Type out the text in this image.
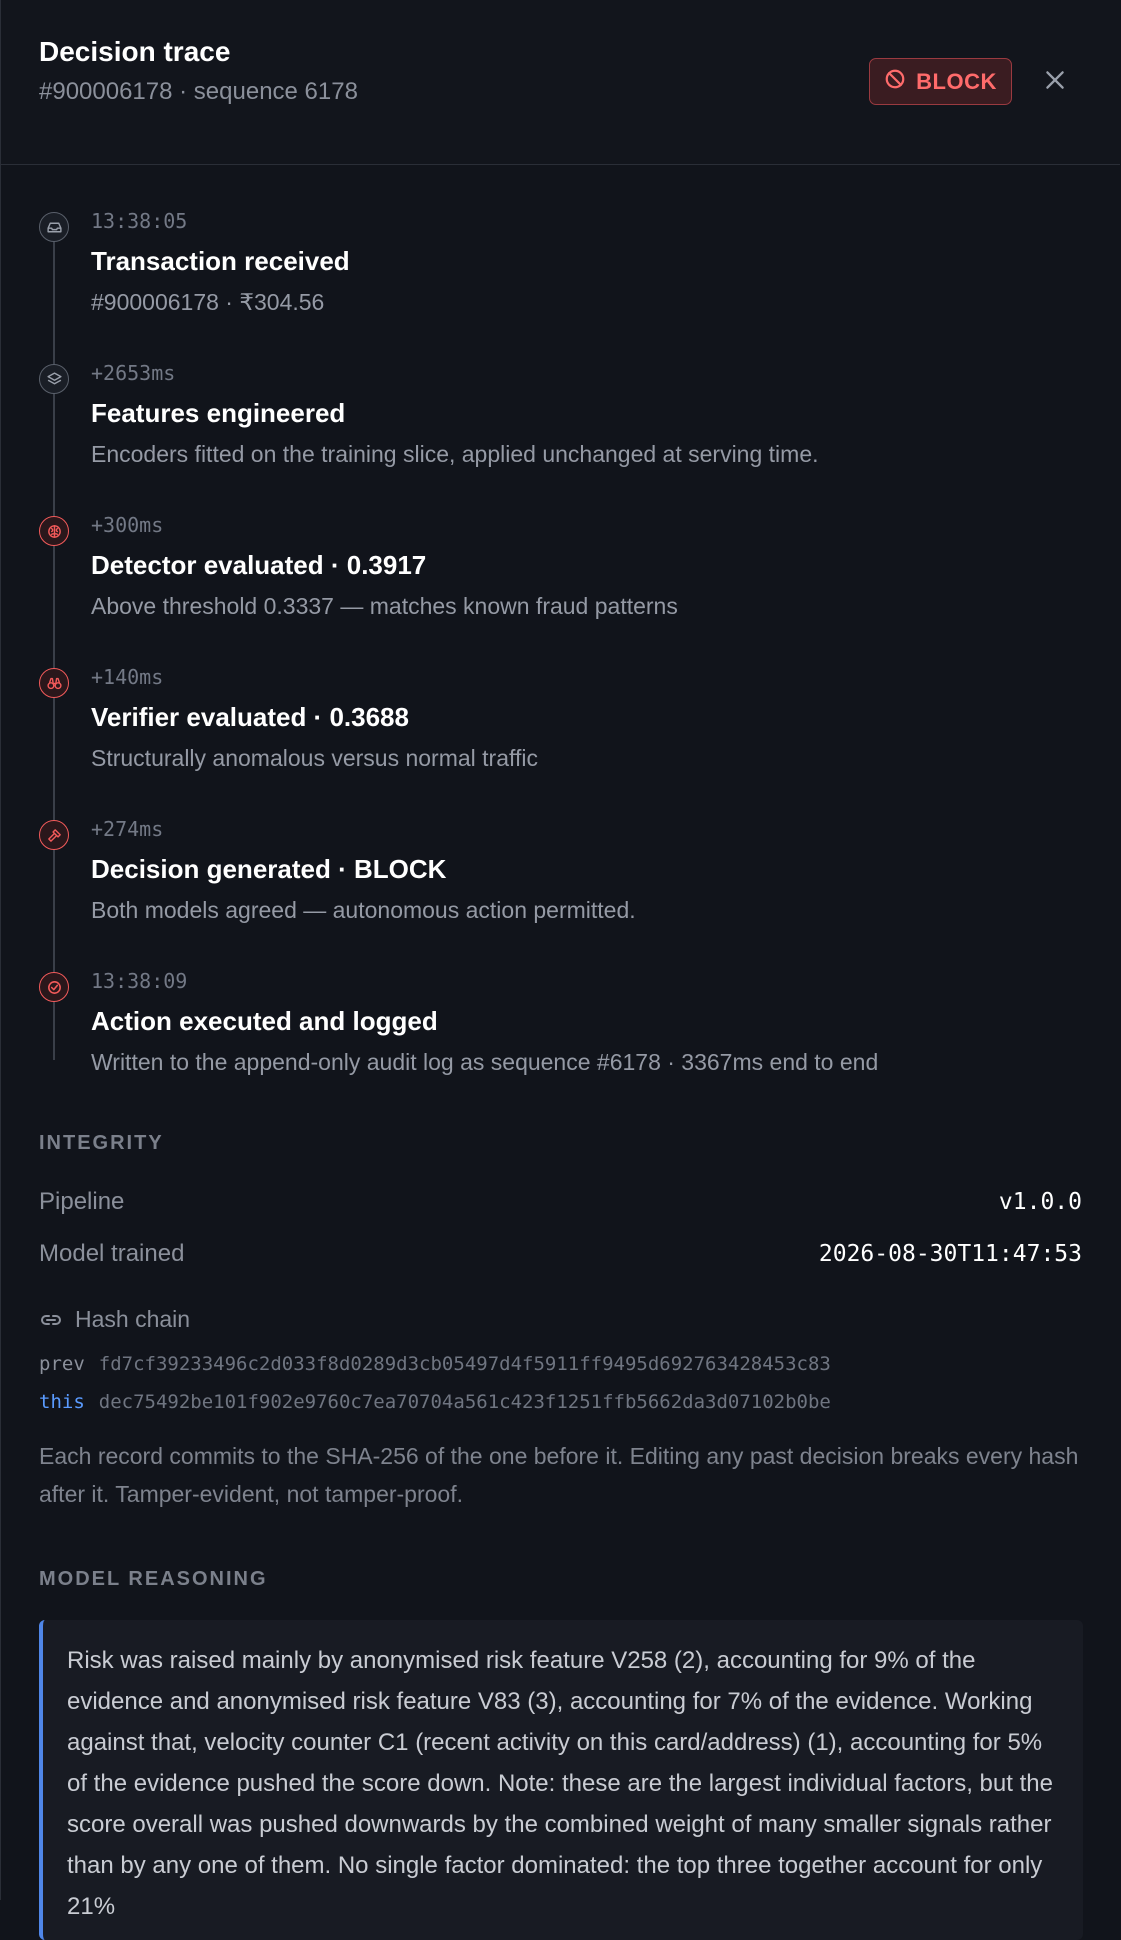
Decision trace
#900006178 · sequence 6178	BLOCK
13:38:05
Transaction received
#900006178 · ₹304.56
+2653ms
Features engineered
Encoders fitted on the training slice, applied unchanged at serving time.
+300ms
Detector evaluated · 0.3917
Above threshold 0.3337 — matches known fraud patterns
+140ms
Verifier evaluated · 0.3688
Structurally anomalous versus normal traffic
+274ms
Decision generated · BLOCK
Both models agreed — autonomous action permitted.
13:38:09
Action executed and logged
Written to the append-only audit log as sequence #6178 · 3367ms end to end
INTEGRITY
Pipeline	v1.0.0
Model trained	2026-08-30T11:47:53
Hash chain
prev fd7cf39233496c2d033f8d0289d3cb05497d4f5911ff9495d692763428453c83
this dec75492be101f902e9760c7ea70704a561c423f1251ffb5662da3d07102b0be
Each record commits to the SHA-256 of the one before it. Editing any past decision breaks every hash after it. Tamper-evident, not tamper-proof.
MODEL REASONING
Risk was raised mainly by anonymised risk feature V258 (2), accounting for 9% of the evidence and anonymised risk feature V83 (3), accounting for 7% of the evidence. Working against that, velocity counter C1 (recent activity on this card/address) (1), accounting for 5% of the evidence pushed the score down. Note: these are the largest individual factors, but the score overall was pushed downwards by the combined weight of many smaller signals rather than by any one of them. No single factor dominated: the top three together account for only 21%
